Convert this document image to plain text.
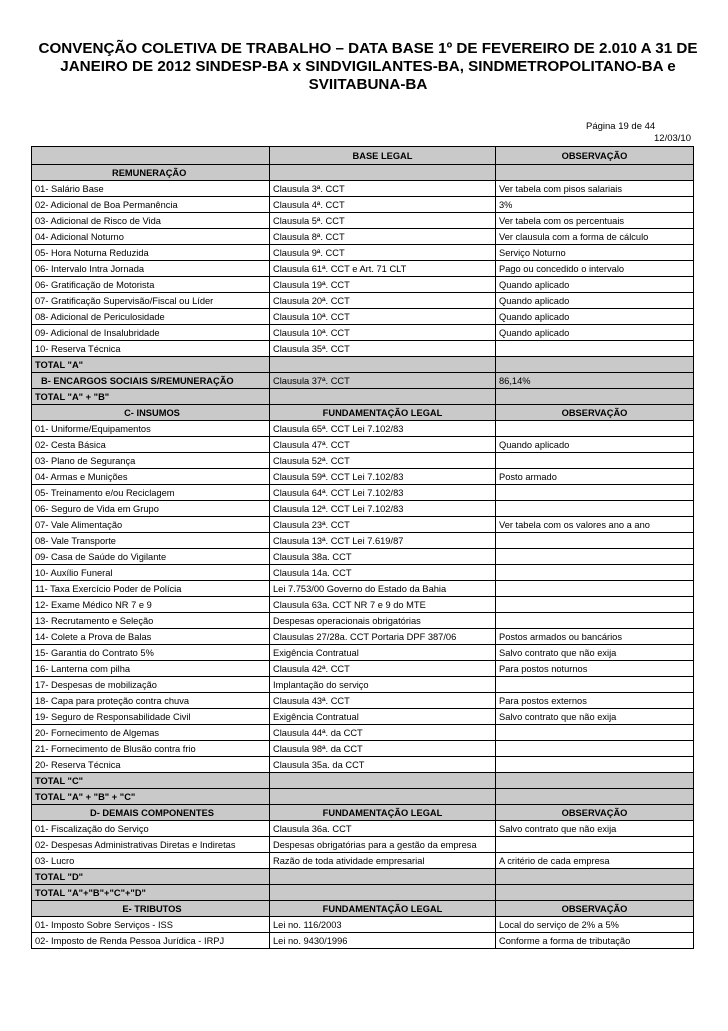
CONVENÇÃO COLETIVA DE TRABALHO – DATA BASE 1º DE FEVEREIRO DE 2.010 A 31 DE JANEIRO DE 2012 SINDESP-BA x SINDVIGILANTES-BA, SINDMETROPOLITANO-BA e SVIITABUNA-BA
Página 19 de 44
12/03/10
	BASE LEGAL	OBSERVAÇÃO
REMUNERAÇÃO		
01- Salário Base	Clausula 3ª. CCT	Ver tabela com pisos salariais
02- Adicional de Boa Permanência	Clausula 4ª. CCT	3%
03- Adicional de Risco de Vida	Clausula 5ª. CCT	Ver tabela com os percentuais
04- Adicional Noturno	Clausula 8ª. CCT	Ver clausula com a forma de cálculo
05- Hora Noturna Reduzida	Clausula 9ª. CCT	Serviço Noturno
06- Intervalo Intra Jornada	Clausula 61ª. CCT e Art. 71 CLT	Pago ou concedido o intervalo
06- Gratificação de Motorista	Clausula 19ª. CCT	Quando aplicado
07- Gratificação Supervisão/Fiscal ou Líder	Clausula 20ª. CCT	Quando aplicado
08- Adicional de Periculosidade	Clausula 10ª. CCT	Quando aplicado
09- Adicional de Insalubridade	Clausula 10ª. CCT	Quando aplicado
10- Reserva Técnica	Clausula 35ª. CCT	
TOTAL "A"		
B- ENCARGOS SOCIAIS S/REMUNERAÇÃO	Clausula 37ª. CCT	86,14%
TOTAL "A" + "B"		
C- INSUMOS	FUNDAMENTAÇÃO LEGAL	OBSERVAÇÃO
01- Uniforme/Equipamentos	Clausula 65ª. CCT Lei 7.102/83	
02- Cesta Básica	Clausula 47ª. CCT	Quando aplicado
03- Plano de Segurança	Clausula 52ª. CCT	
04- Armas e Munições	Clausula 59ª. CCT Lei 7.102/83	Posto armado
05- Treinamento e/ou Reciclagem	Clausula 64ª. CCT Lei 7.102/83	
06- Seguro de Vida em Grupo	Clausula 12ª. CCT Lei 7.102/83	
07- Vale Alimentação	Clausula 23ª. CCT	Ver tabela com os valores ano a ano
08- Vale Transporte	Clausula 13ª. CCT Lei 7.619/87	
09- Casa de Saúde do Vigilante	Clausula 38a. CCT	
10- Auxílio Funeral	Clausula 14a. CCT	
11- Taxa Exercício Poder de Polícia	Lei 7.753/00 Governo do Estado da Bahia	
12- Exame Médico NR 7 e 9	Clausula 63a. CCT NR 7 e 9 do MTE	
13- Recrutamento e Seleção	Despesas operacionais obrigatórias	
14- Colete a Prova de Balas	Clausulas 27/28a. CCT Portaria DPF 387/06	Postos armados ou bancários
15- Garantia do Contrato 5%	Exigência Contratual	Salvo contrato que não exija
16- Lanterna com pilha	Clausula 42ª. CCT	Para postos noturnos
17- Despesas de mobilização	Implantação do serviço	
18- Capa para proteção contra chuva	Clausula 43ª. CCT	Para postos externos
19- Seguro de Responsabilidade Civil	Exigência Contratual	Salvo contrato que não exija
20- Fornecimento de Algemas	Clausula 44ª. da CCT	
21- Fornecimento de Blusão contra frio	Clausula 98ª. da CCT	
20- Reserva Técnica	Clausula 35a. da CCT	
TOTAL "C"		
TOTAL "A" + "B" + "C"		
D- DEMAIS COMPONENTES	FUNDAMENTAÇÃO LEGAL	OBSERVAÇÃO
01- Fiscalização do Serviço	Clausula 36a. CCT	Salvo contrato que não exija
02- Despesas Administrativas Diretas e Indiretas	Despesas obrigatórias para a gestão da empresa	
03- Lucro	Razão de toda atividade empresarial	A critério de cada empresa
TOTAL "D"		
TOTAL "A"+"B"+"C"+"D"		
E- TRIBUTOS	FUNDAMENTAÇÃO LEGAL	OBSERVAÇÃO
01- Imposto Sobre Serviços - ISS	Lei no. 116/2003	Local do serviço de 2% a 5%
02- Imposto de Renda Pessoa Jurídica - IRPJ	Lei no. 9430/1996	Conforme a forma de tributação
